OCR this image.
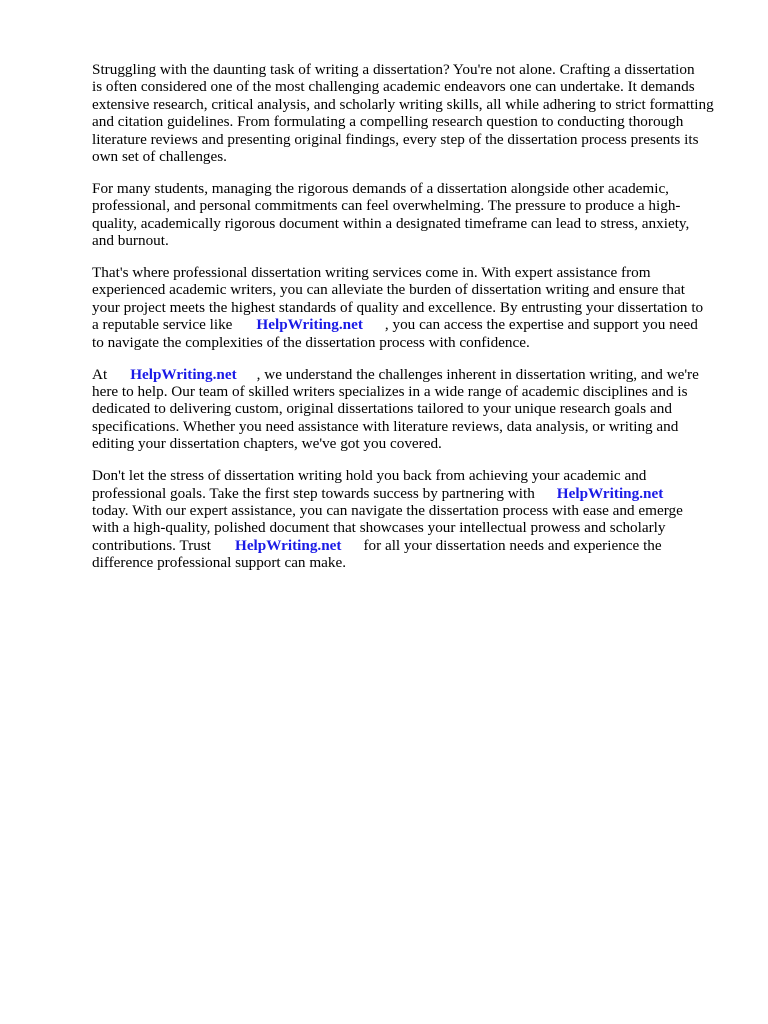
Struggling with the daunting task of writing a dissertation? You're not alone. Crafting a dissertation
is often considered one of the most challenging academic endeavors one can undertake. It demands
extensive research, critical analysis, and scholarly writing skills, all while adhering to strict formatting
and citation guidelines. From formulating a compelling research question to conducting thorough
literature reviews and presenting original findings, every step of the dissertation process presents its
own set of challenges.
For many students, managing the rigorous demands of a dissertation alongside other academic,
professional, and personal commitments can feel overwhelming. The pressure to produce a high-
quality, academically rigorous document within a designated timeframe can lead to stress, anxiety,
and burnout.
That's where professional dissertation writing services come in. With expert assistance from
experienced academic writers, you can alleviate the burden of dissertation writing and ensure that
your project meets the highest standards of quality and excellence. By entrusting your dissertation to
a reputable service like HelpWriting.net , you can access the expertise and support you need
to navigate the complexities of the dissertation process with confidence.
At HelpWriting.net , we understand the challenges inherent in dissertation writing, and we're
here to help. Our team of skilled writers specializes in a wide range of academic disciplines and is
dedicated to delivering custom, original dissertations tailored to your unique research goals and
specifications. Whether you need assistance with literature reviews, data analysis, or writing and
editing your dissertation chapters, we've got you covered.
Don't let the stress of dissertation writing hold you back from achieving your academic and
professional goals. Take the first step towards success by partnering with HelpWriting.net
today. With our expert assistance, you can navigate the dissertation process with ease and emerge
with a high-quality, polished document that showcases your intellectual prowess and scholarly
contributions. Trust HelpWriting.net for all your dissertation needs and experience the
difference professional support can make.
